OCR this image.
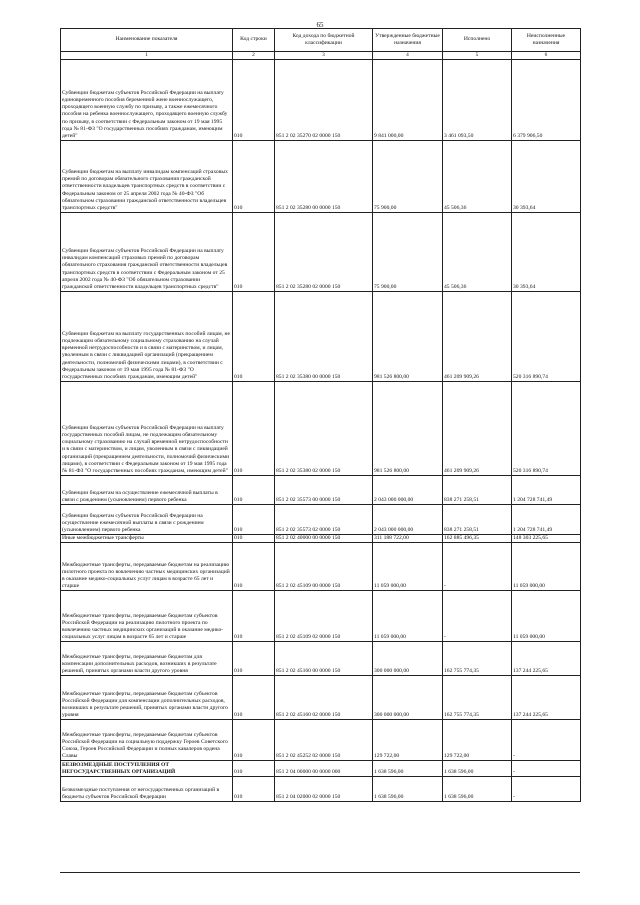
65
Наименование показателя	Код строки	Код дохода по бюджетной классификации	Утвержденные бюджетные назначения	Исполнено	Неисполненные назначения
1	2	3	4	5	6
Субвенции бюджетам субъектов Российской Федерации на выплату единовременного пособия беременной жене военнослужащего, проходящего военную службу по призыву, а также ежемесячного пособия на ребенка военнослужащего, проходящего военную службу по призыву, в соответствии с Федеральным законом от 19 мая 1995 года № 81-ФЗ "О государственных пособиях гражданам, имеющим детей"	010	851 2 02 35270 02 0000 150	9 841 000,00	3 461 093,50	6 379 906,50
Субвенции бюджетам на выплату инвалидам компенсаций страховых премий по договорам обязательного страхования гражданской ответственности владельцев транспортных средств в соответствии с Федеральным законом от 25 апреля 2002 года № 40-ФЗ "Об обязательном страховании гражданской ответственности владельцев транспортных средств"	010	851 2 02 35280 00 0000 150	75 900,00	45 506,36	30 393,64
Субвенции бюджетам субъектов Российской Федерации на выплату инвалидам компенсаций страховых премий по договорам обязательного страхования гражданской ответственности владельцев транспортных средств в соответствии с Федеральным законом от 25 апреля 2002 года № 40-ФЗ "Об обязательном страховании гражданской ответственности владельцев транспортных средств"	010	851 2 02 35280 02 0000 150	75 900,00	45 506,36	30 393,64
Субвенции бюджетам на выплату государственных пособий лицам, не подлежащим обязательному социальному страхованию на случай временной нетрудоспособности и в связи с материнством, и лицам, уволенным в связи с ликвидацией организаций (прекращением деятельности, полномочий физическими лицами), в соответствии с Федеральным законом от 19 мая 1995 года № 81-ФЗ "О государственных пособиях гражданам, имеющим детей"	010	851 2 02 35380 00 0000 150	981 526 800,00	461 209 909,26	520 316 890,74
Субвенции бюджетам субъектов Российской Федерации на выплату государственных пособий лицам, не подлежащим обязательному социальному страхованию на случай временной нетрудоспособности и в связи с материнством, и лицам, уволенным в связи с ликвидацией организаций (прекращением деятельности, полномочий физическими лицами), в соответствии с Федеральным законом от 19 мая 1995 года № 81-ФЗ "О государственных пособиях гражданам, имеющим детей"	010	851 2 02 35380 02 0000 150	981 526 800,00	461 209 909,26	520 316 890,74
Субвенции бюджетам на осуществление ежемесячной выплаты в связи с рождением (усыновлением) первого ребенка	010	851 2 02 35573 00 0000 150	2 043 000 000,00	838 271 258,51	1 204 728 741,49
Субвенции бюджетам субъектов Российской Федерации на осуществление ежемесячной выплаты в связи с рождением (усыновлением) первого ребенка	010	851 2 02 35573 02 0000 150	2 043 000 000,00	838 271 258,51	1 204 728 741,49
Иные межбюджетные трансферты	010	851 2 02 40000 00 0000 150	311 188 722,00	162 885 496,35	148 303 225,65
Межбюджетные трансферты, передаваемые бюджетам на реализацию пилотного проекта по вовлечению частных медицинских организаций в оказание медико-социальных услуг лицам в возрасте 65 лет и старше	010	851 2 02 45109 00 0000 150	11 059 000,00	-	11 059 000,00
Межбюджетные трансферты, передаваемые бюджетам субъектов Российской Федерации на реализацию пилотного проекта по вовлечению частных медицинских организаций в оказание медико-социальных услуг лицам в возрасте 65 лет и старше	010	851 2 02 45109 02 0000 150	11 059 000,00	-	11 059 000,00
Межбюджетные трансферты, передаваемые бюджетам для компенсации дополнительных расходов, возникших в результате решений, принятых органами власти другого уровня	010	851 2 02 45160 00 0000 150	300 000 000,00	162 755 774,35	137 244 225,65
Межбюджетные трансферты, передаваемые бюджетам субъектов Российской Федерации для компенсации дополнительных расходов, возникших в результате решений, принятых органами власти другого уровня	010	851 2 02 45160 02 0000 150	300 000 000,00	162 755 774,35	137 244 225,65
Межбюджетные трансферты, передаваемые бюджетам субъектов Российской Федерации на социальную поддержку Героев Советского Союза, Героев Российской Федерации и полных кавалеров ордена Славы	010	851 2 02 45252 02 0000 150	129 722,00	129 722,00	-
БЕЗВОЗМЕЗДНЫЕ ПОСТУПЛЕНИЯ ОТ НЕГОСУДАРСТВЕННЫХ ОРГАНИЗАЦИЙ	010	851 2 04 00000 00 0000 000	1 638 596,00	1 638 596,00	-
Безвозмездные поступления от негосударственных организаций в бюджеты субъектов Российской Федерации	010	851 2 04 02000 02 0000 150	1 638 596,00	1 638 596,00	-
